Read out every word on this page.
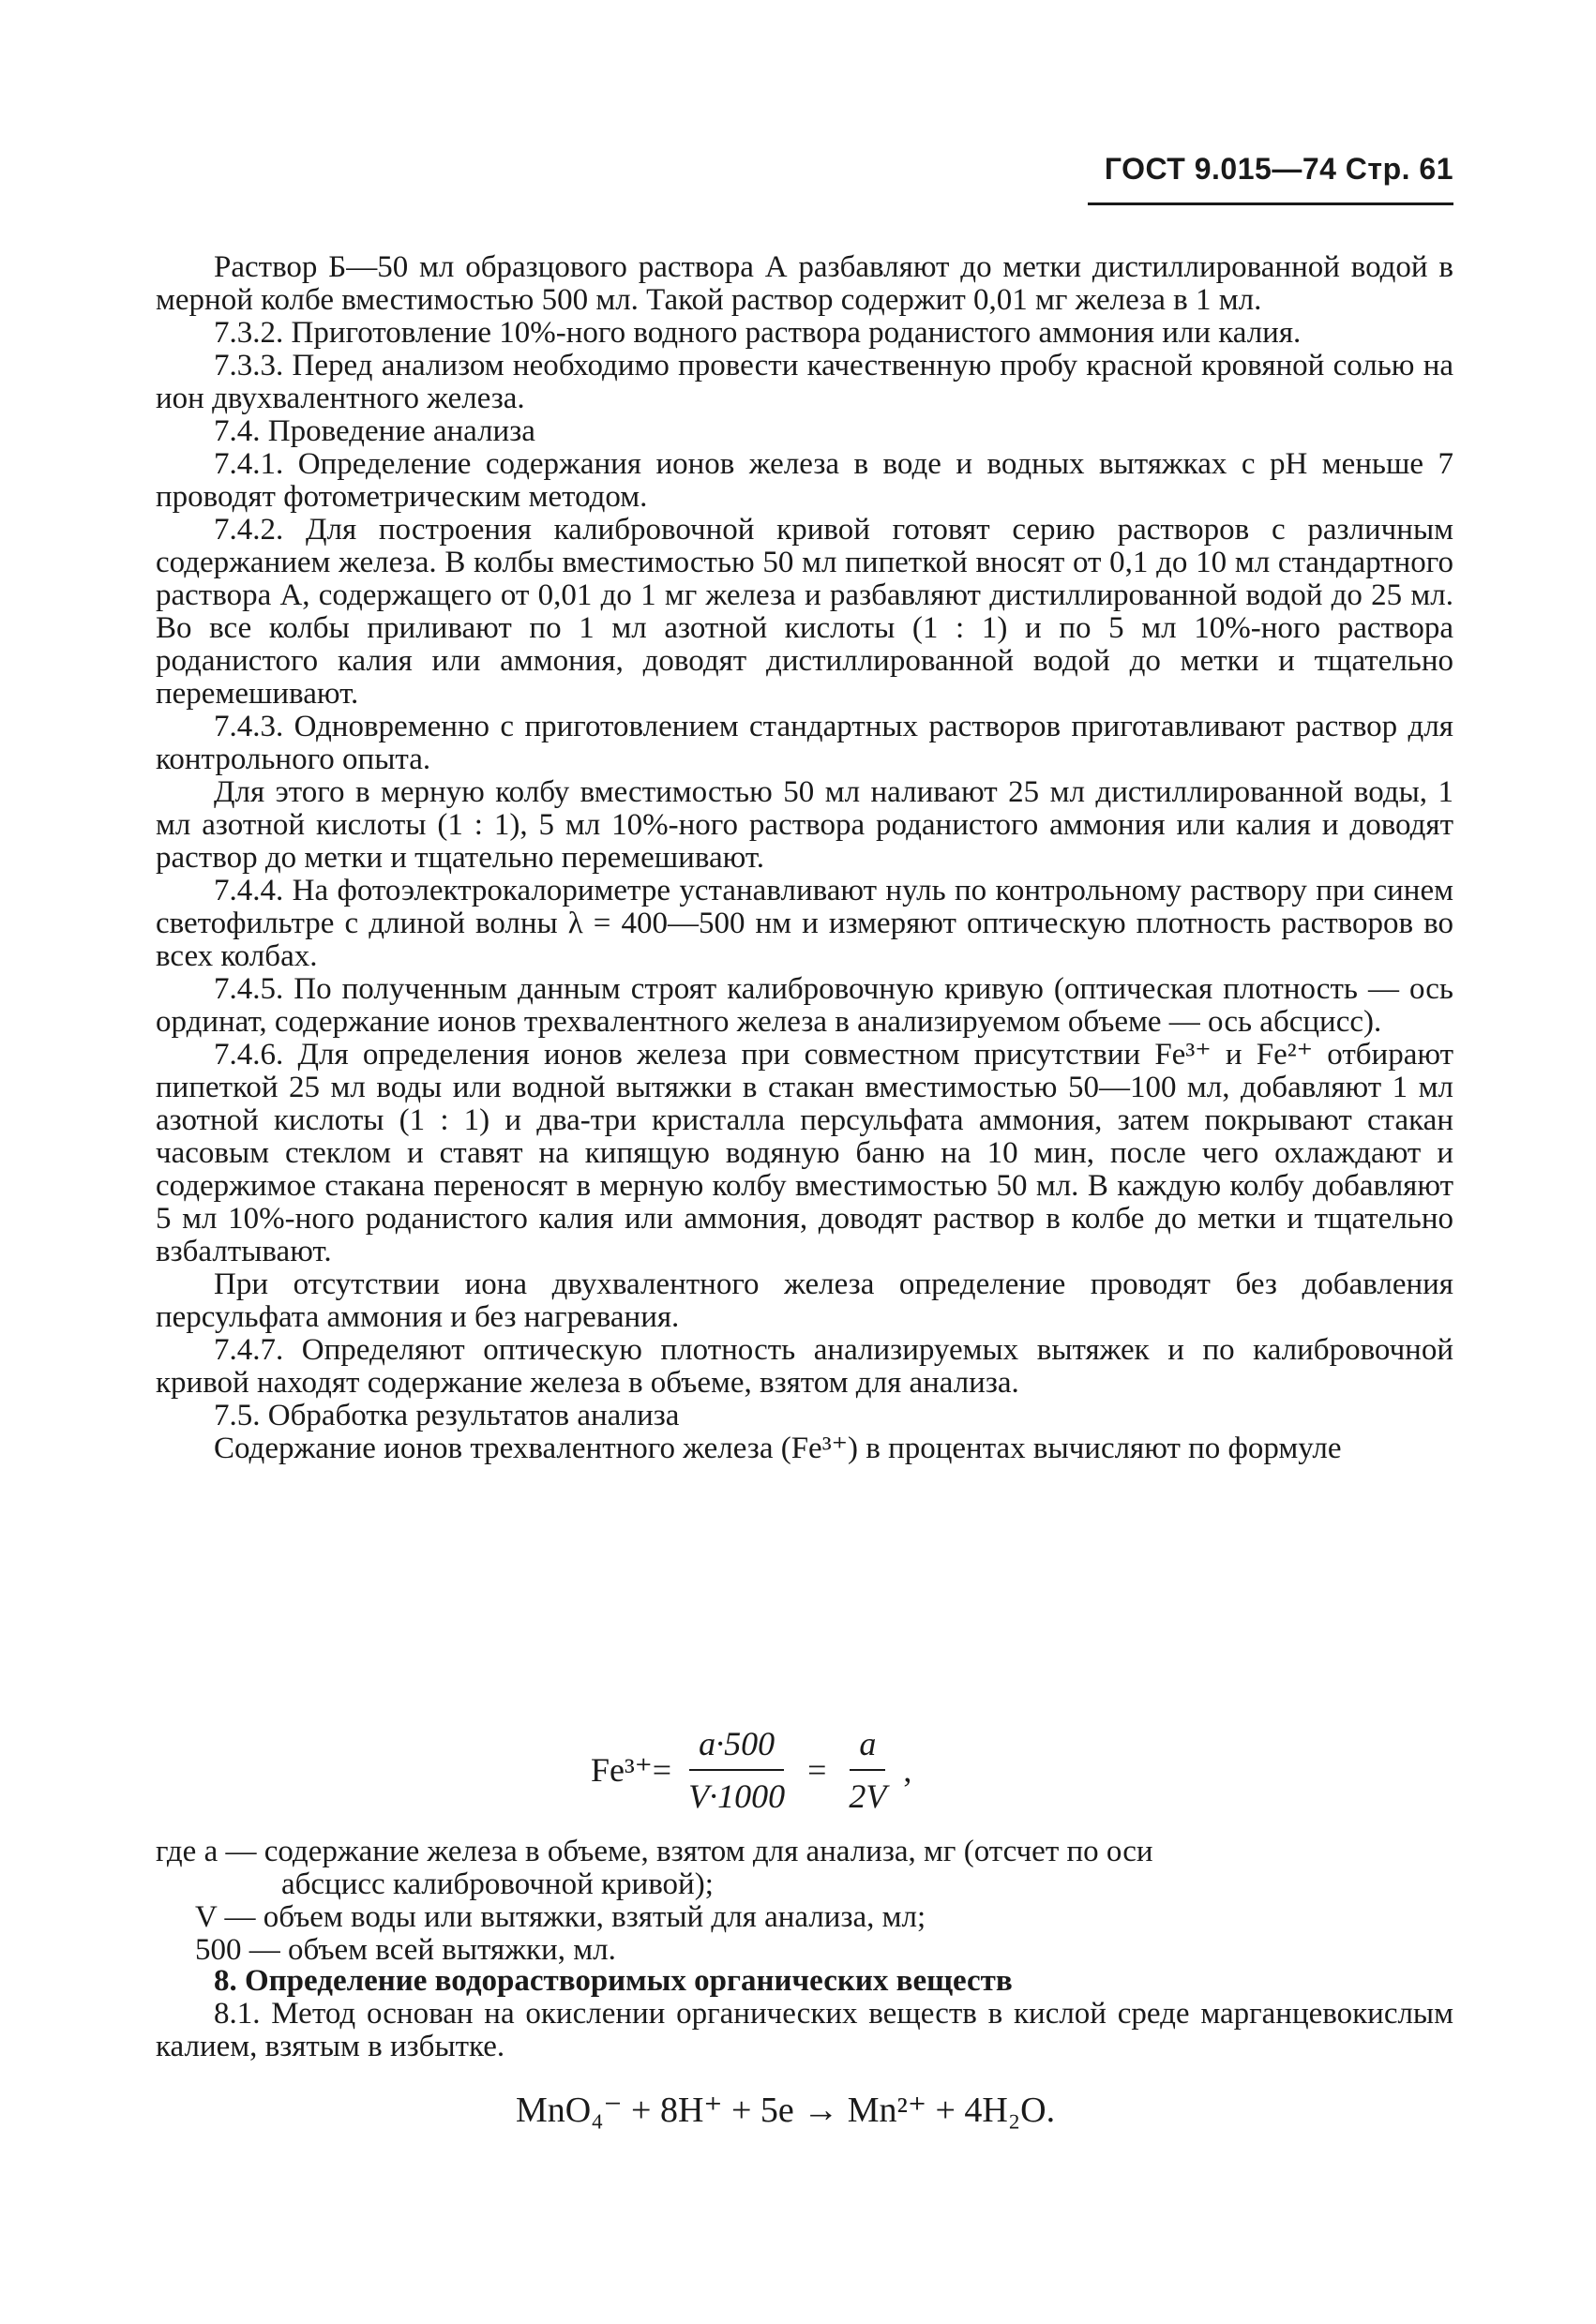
ГОСТ 9.015—74 Стр. 61

Раствор Б—50 мл образцового раствора А разбавляют до метки дистиллированной водой в мерной колбе вместимостью 500 мл. Такой раствор содержит 0,01 мг железа в 1 мл.

7.3.2. Приготовление 10%-ного водного раствора роданистого аммония или калия.

7.3.3. Перед анализом необходимо провести качественную пробу красной кровяной солью на ион двухвалентного железа.

7.4. Проведение анализа

7.4.1. Определение содержания ионов железа в воде и водных вытяжках с pH меньше 7 проводят фотометрическим методом.

7.4.2. Для построения калибровочной кривой готовят серию растворов с различным содержанием железа. В колбы вместимостью 50 мл пипеткой вносят от 0,1 до 10 мл стандартного раствора А, содержащего от 0,01 до 1 мг железа и разбавляют дистиллированной водой до 25 мл. Во все колбы приливают по 1 мл азотной кислоты (1 : 1) и по 5 мл 10%-ного раствора роданистого калия или аммония, доводят дистиллированной водой до метки и тщательно перемешивают.

7.4.3. Одновременно с приготовлением стандартных растворов приготавливают раствор для контрольного опыта.

Для этого в мерную колбу вместимостью 50 мл наливают 25 мл дистиллированной воды, 1 мл азотной кислоты (1 : 1), 5 мл 10%-ного раствора роданистого аммония или калия и доводят раствор до метки и тщательно перемешивают.

7.4.4. На фотоэлектрокалориметре устанавливают нуль по контрольному раствору при синем светофильтре с длиной волны λ = 400—500 нм и измеряют оптическую плотность растворов во всех колбах.

7.4.5. По полученным данным строят калибровочную кривую (оптическая плотность — ось ординат, содержание ионов трехвалентного железа в анализируемом объеме — ось абсцисс).

7.4.6. Для определения ионов железа при совместном присутствии Fe³⁺ и Fe²⁺ отбирают пипеткой 25 мл воды или водной вытяжки в стакан вместимостью 50—100 мл, добавляют 1 мл азотной кислоты (1 : 1) и два-три кристалла персульфата аммония, затем покрывают стакан часовым стеклом и ставят на кипящую водяную баню на 10 мин, после чего охлаждают и содержимое стакана переносят в мерную колбу вместимостью 50 мл. В каждую колбу добавляют 5 мл 10%-ного роданистого калия или аммония, доводят раствор в колбе до метки и тщательно взбалтывают.

При отсутствии иона двухвалентного железа определение проводят без добавления персульфата аммония и без нагревания.

7.4.7. Определяют оптическую плотность анализируемых вытяжек и по калибровочной кривой находят содержание железа в объеме, взятом для анализа.

7.5. Обработка результатов анализа

Содержание ионов трехвалентного железа (Fe³⁺) в процентах вычисляют по формуле

$Fe^{3+}= \frac{a\cdot 500}{V\cdot 1000} = \frac{a}{2V}$ ,

где a — содержание железа в объеме, взятом для анализа, мг (отсчет по оси

абсцисс калибровочной кривой);

V — объем воды или вытяжки, взятый для анализа, мл;

500 — объем всей вытяжки, мл.

8. Определение водорастворимых органических веществ

8.1. Метод основан на окислении органических веществ в кислой среде марганцевокислым калием, взятым в избытке.

MnO₄⁻ + 8H⁺ + 5e → Mn²⁺ + 4H₂O.
